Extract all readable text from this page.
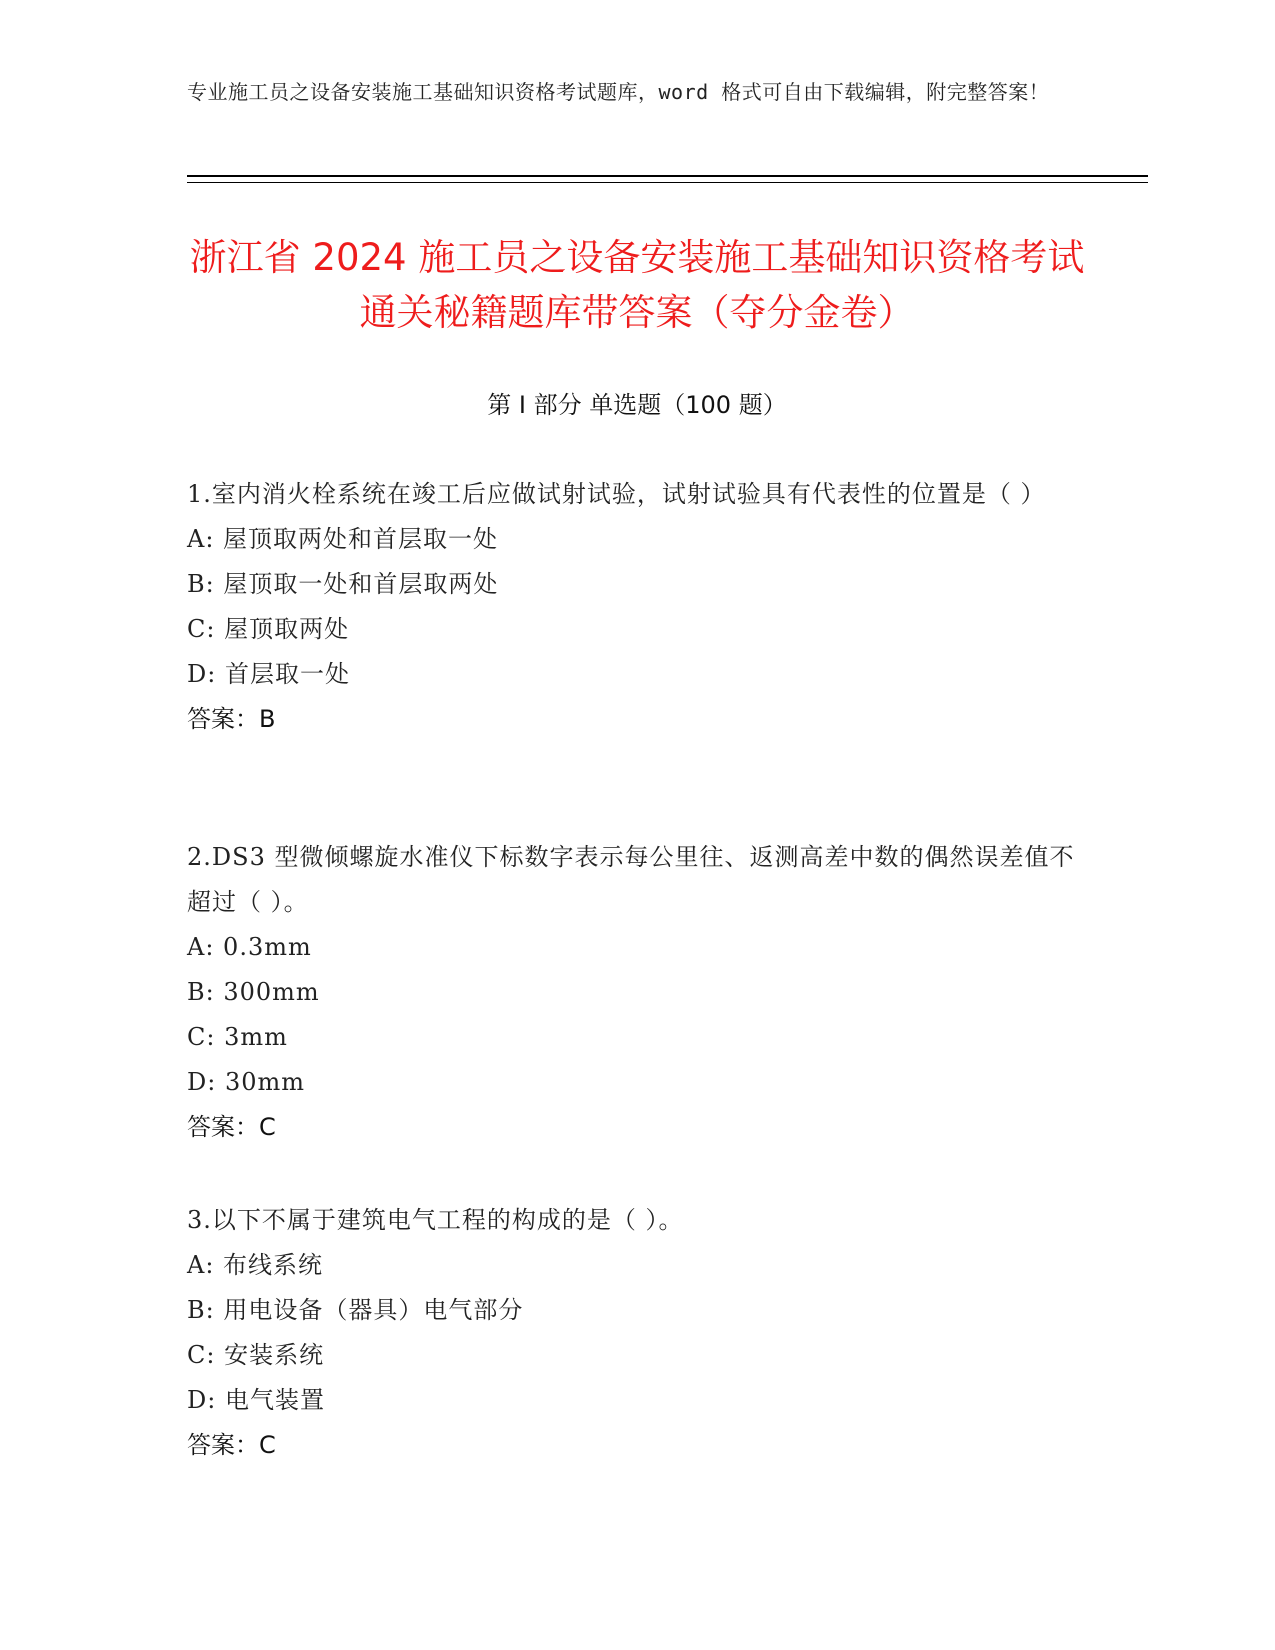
专业施工员之设备安装施工基础知识资格考试题库，word 格式可自由下载编辑，附完整答案！
浙江省 2024 施工员之设备安装施工基础知识资格考试通关秘籍题库带答案（夺分金卷）
第 I 部分 单选题（100 题）
1.室内消火栓系统在竣工后应做试射试验，试射试验具有代表性的位置是（ ）
A: 屋顶取两处和首层取一处
B: 屋顶取一处和首层取两处
C: 屋顶取两处
D: 首层取一处
答案：B
2.DS3 型微倾螺旋水准仪下标数字表示每公里往、返测高差中数的偶然误差值不超过（ ）。
A: 0.3mm
B: 300mm
C: 3mm
D: 30mm
答案：C
3.以下不属于建筑电气工程的构成的是（ ）。
A: 布线系统
B: 用电设备（器具）电气部分
C: 安装系统
D: 电气装置
答案：C
